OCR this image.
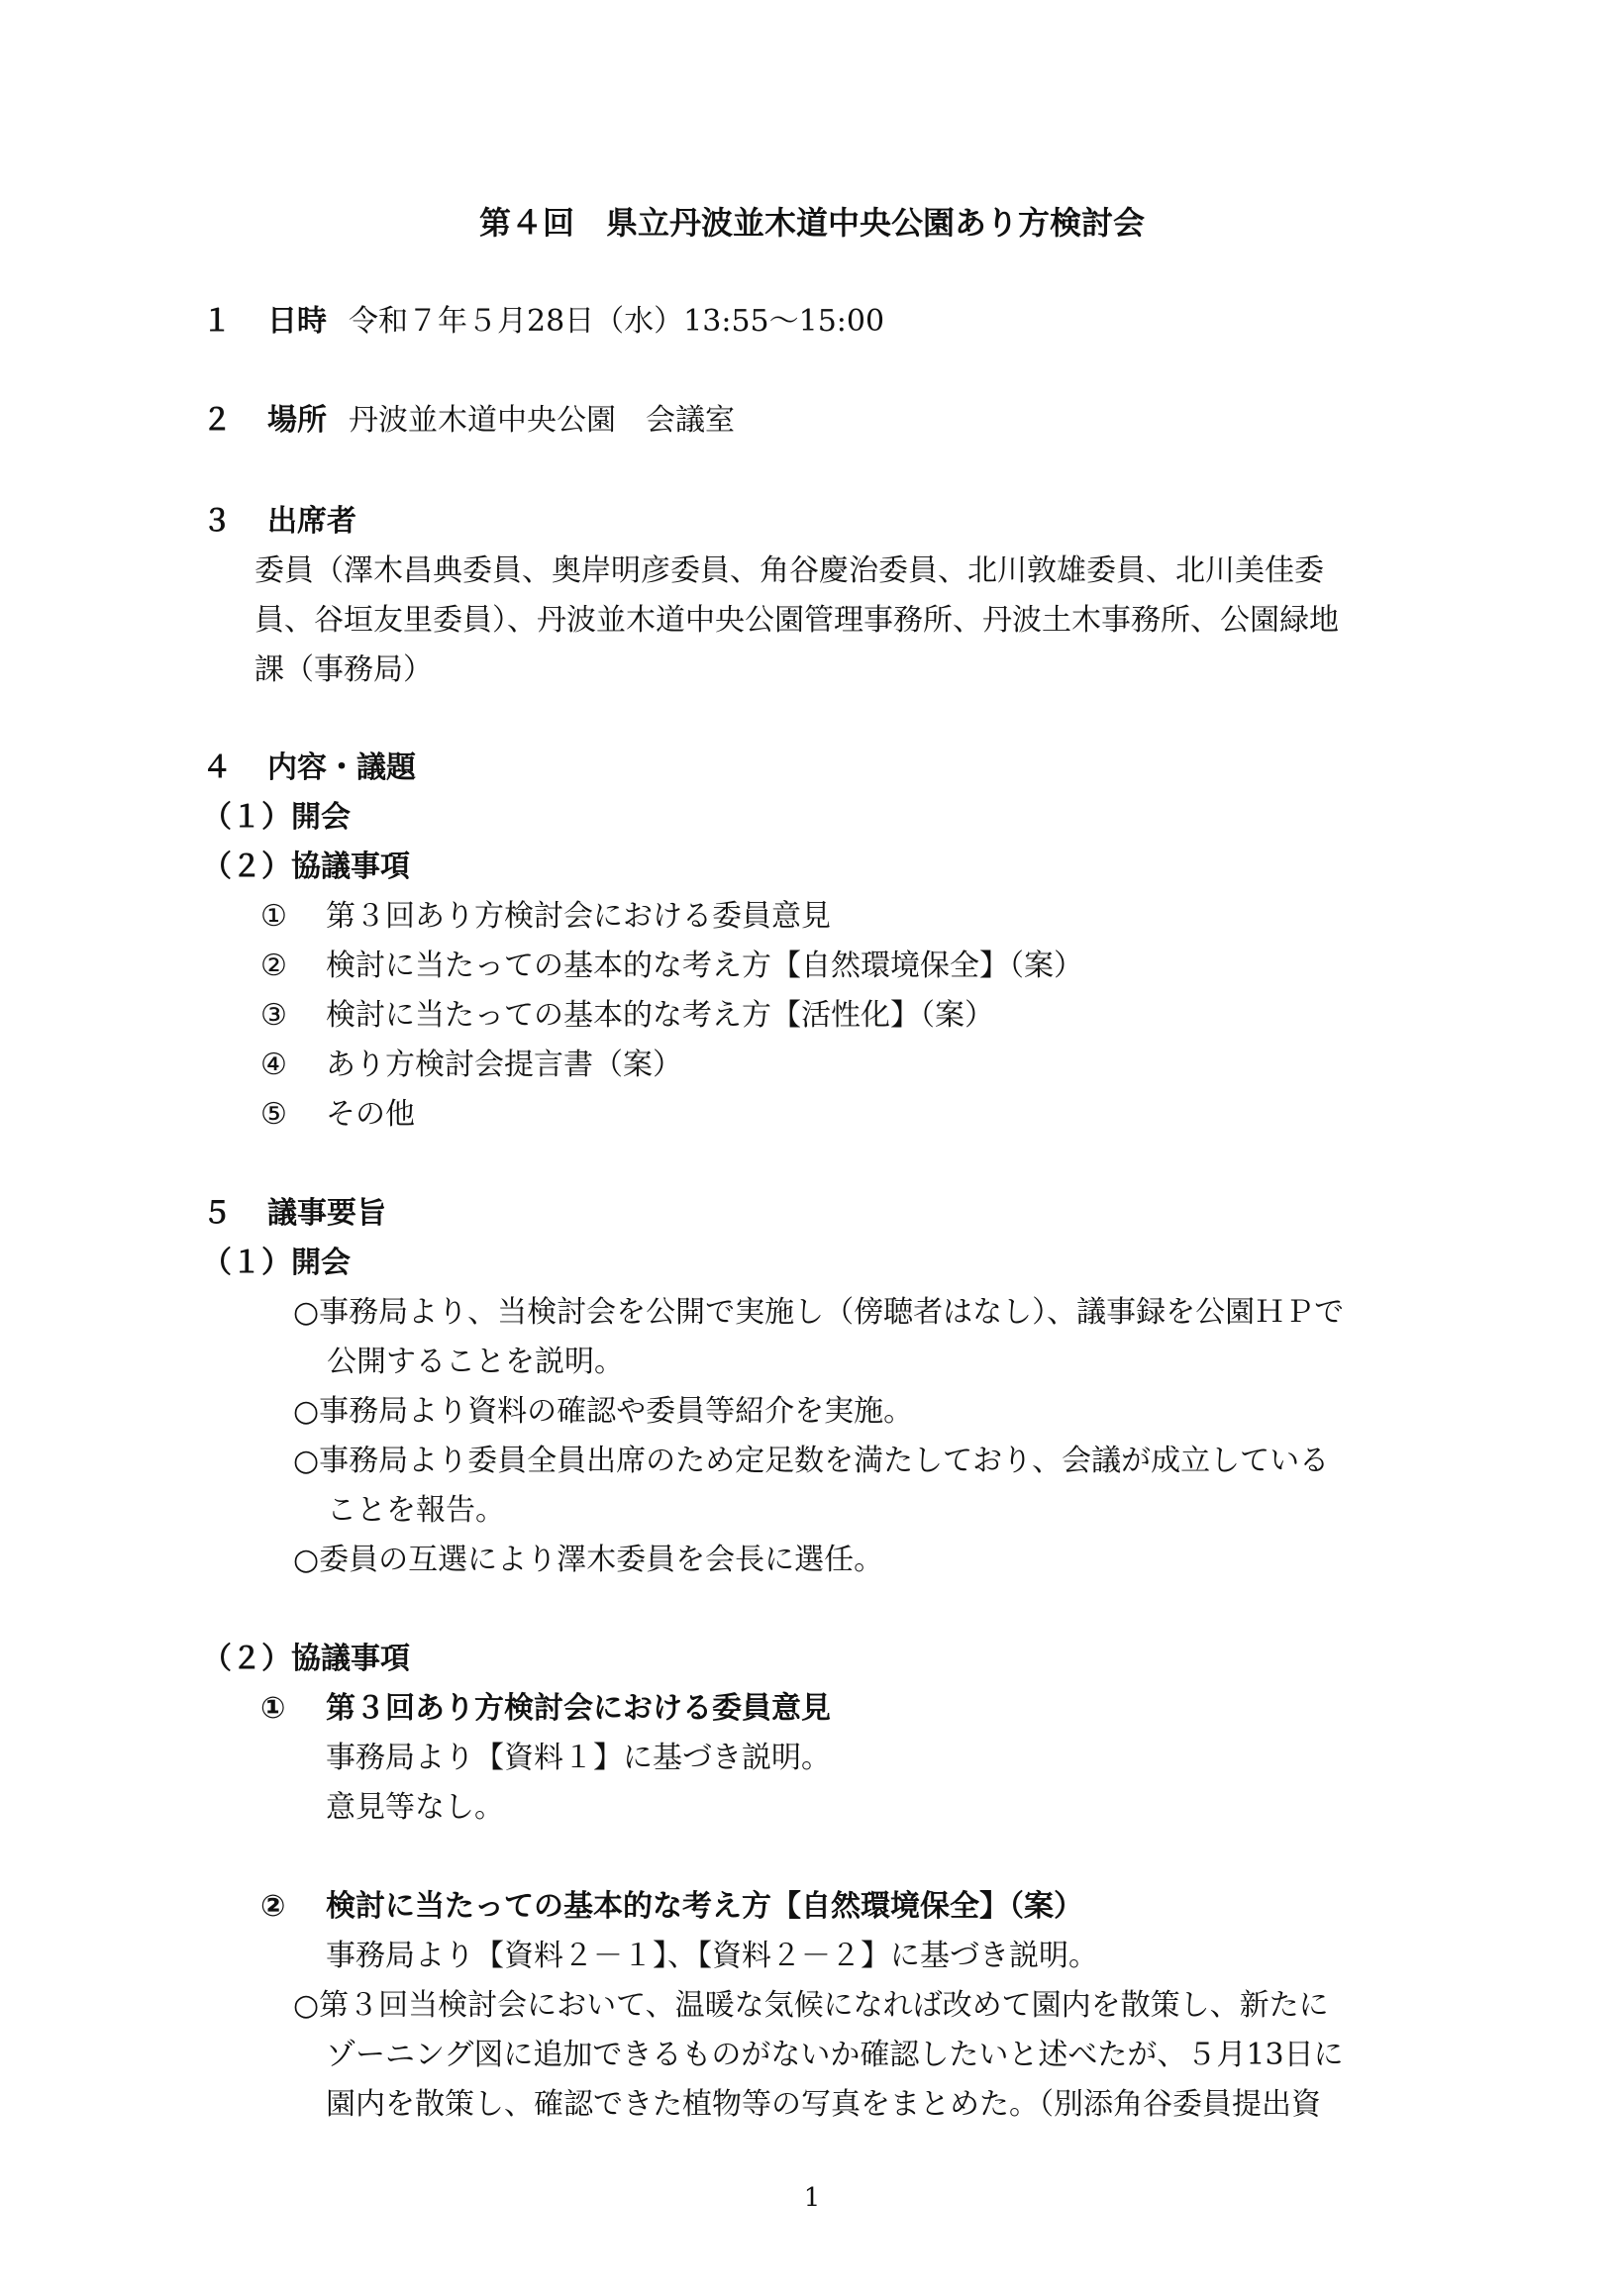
第４回　県立丹波並木道中央公園あり方検討会
１ 日時 令和７年５月28日（水）13:55～15:00
２ 場所 丹波並木道中央公園　会議室
３ 出席者
委員（澤木昌典委員、奥岸明彦委員、角谷慶治委員、北川敦雄委員、北川美佳委
員、谷垣友里委員）、丹波並木道中央公園管理事務所、丹波土木事務所、公園緑地
課（事務局）
４ 内容・議題
（１）開会
（２）協議事項
① 第３回あり方検討会における委員意見
② 検討に当たっての基本的な考え方【自然環境保全】（案）
③ 検討に当たっての基本的な考え方【活性化】（案）
④ あり方検討会提言書（案）
⑤ その他
５ 議事要旨
（１）開会
○事務局より、当検討会を公開で実施し（傍聴者はなし）、議事録を公園ＨＰで
公開することを説明。
○事務局より資料の確認や委員等紹介を実施。
○事務局より委員全員出席のため定足数を満たしており、会議が成立している
ことを報告。
○委員の互選により澤木委員を会長に選任。
（２）協議事項
① 第３回あり方検討会における委員意見
事務局より【資料１】に基づき説明。
意見等なし。
② 検討に当たっての基本的な考え方【自然環境保全】（案）
事務局より【資料２－１】、【資料２－２】に基づき説明。
○第３回当検討会において、温暖な気候になれば改めて園内を散策し、新たに
ゾーニング図に追加できるものがないか確認したいと述べたが、５月13日に
園内を散策し、確認できた植物等の写真をまとめた。（別添角谷委員提出資
1
